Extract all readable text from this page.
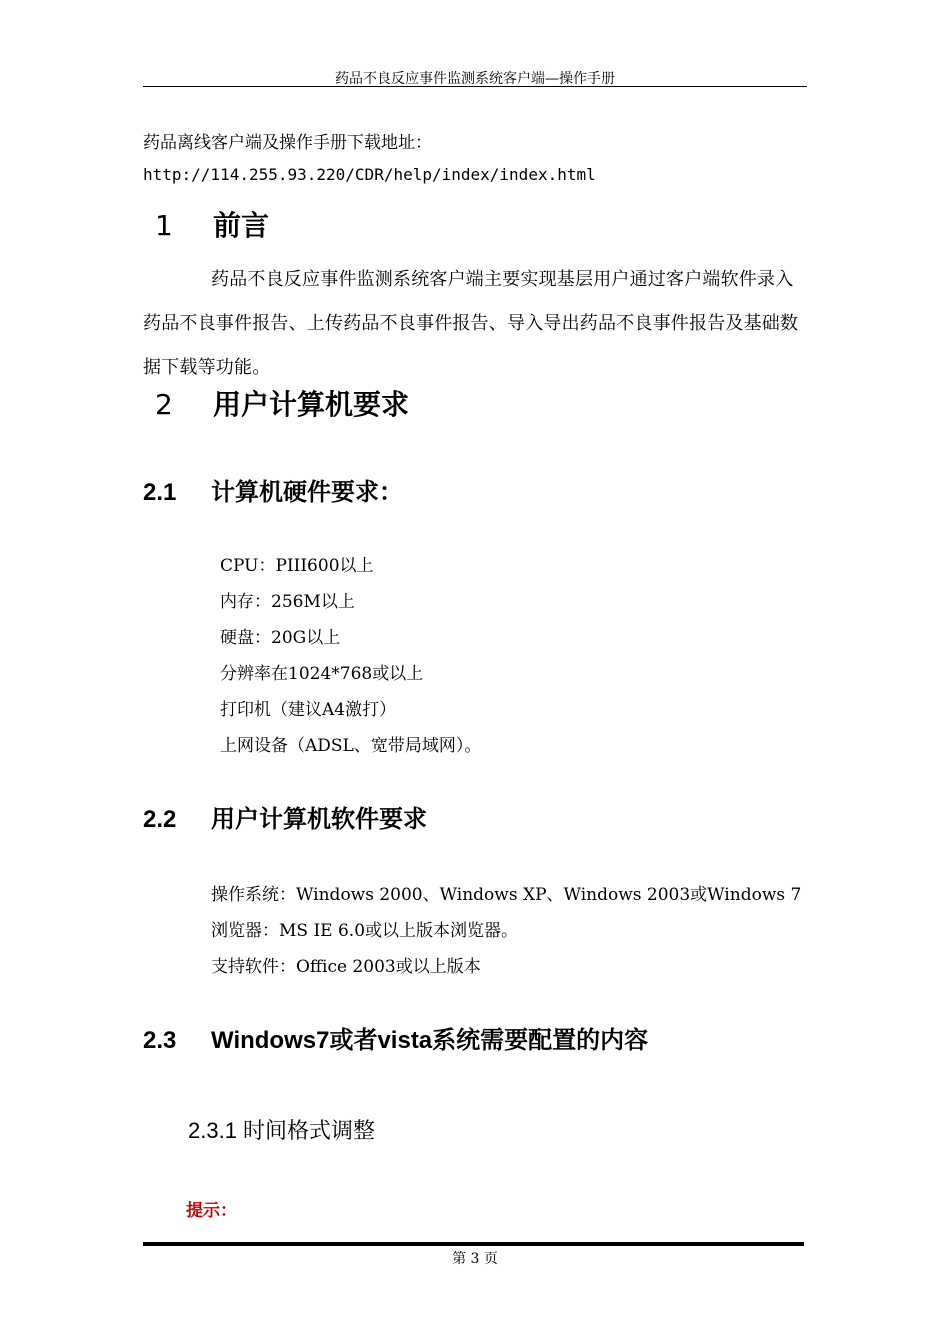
药品不良反应事件监测系统客户端—操作手册
药品离线客户端及操作手册下载地址：
http://114.255.93.220/CDR/help/index/index.html
1 前言
药品不良反应事件监测系统客户端主要实现基层用户通过客户端软件录入药品不良事件报告、上传药品不良事件报告、导入导出药品不良事件报告及基础数据下载等功能。
2 用户计算机要求
2.1 计算机硬件要求：
CPU：PIII600以上
内存：256M以上
硬盘：20G以上
分辨率在1024*768或以上
打印机（建议A4激打）
上网设备（ADSL、宽带局域网）。
2.2 用户计算机软件要求
操作系统：Windows 2000、Windows XP、Windows 2003或Windows 7
浏览器：MS IE 6.0或以上版本浏览器。
支持软件：Office 2003或以上版本
2.3 Windows7或者vista系统需要配置的内容
2.3.1 时间格式调整
提示：
第 3 页
